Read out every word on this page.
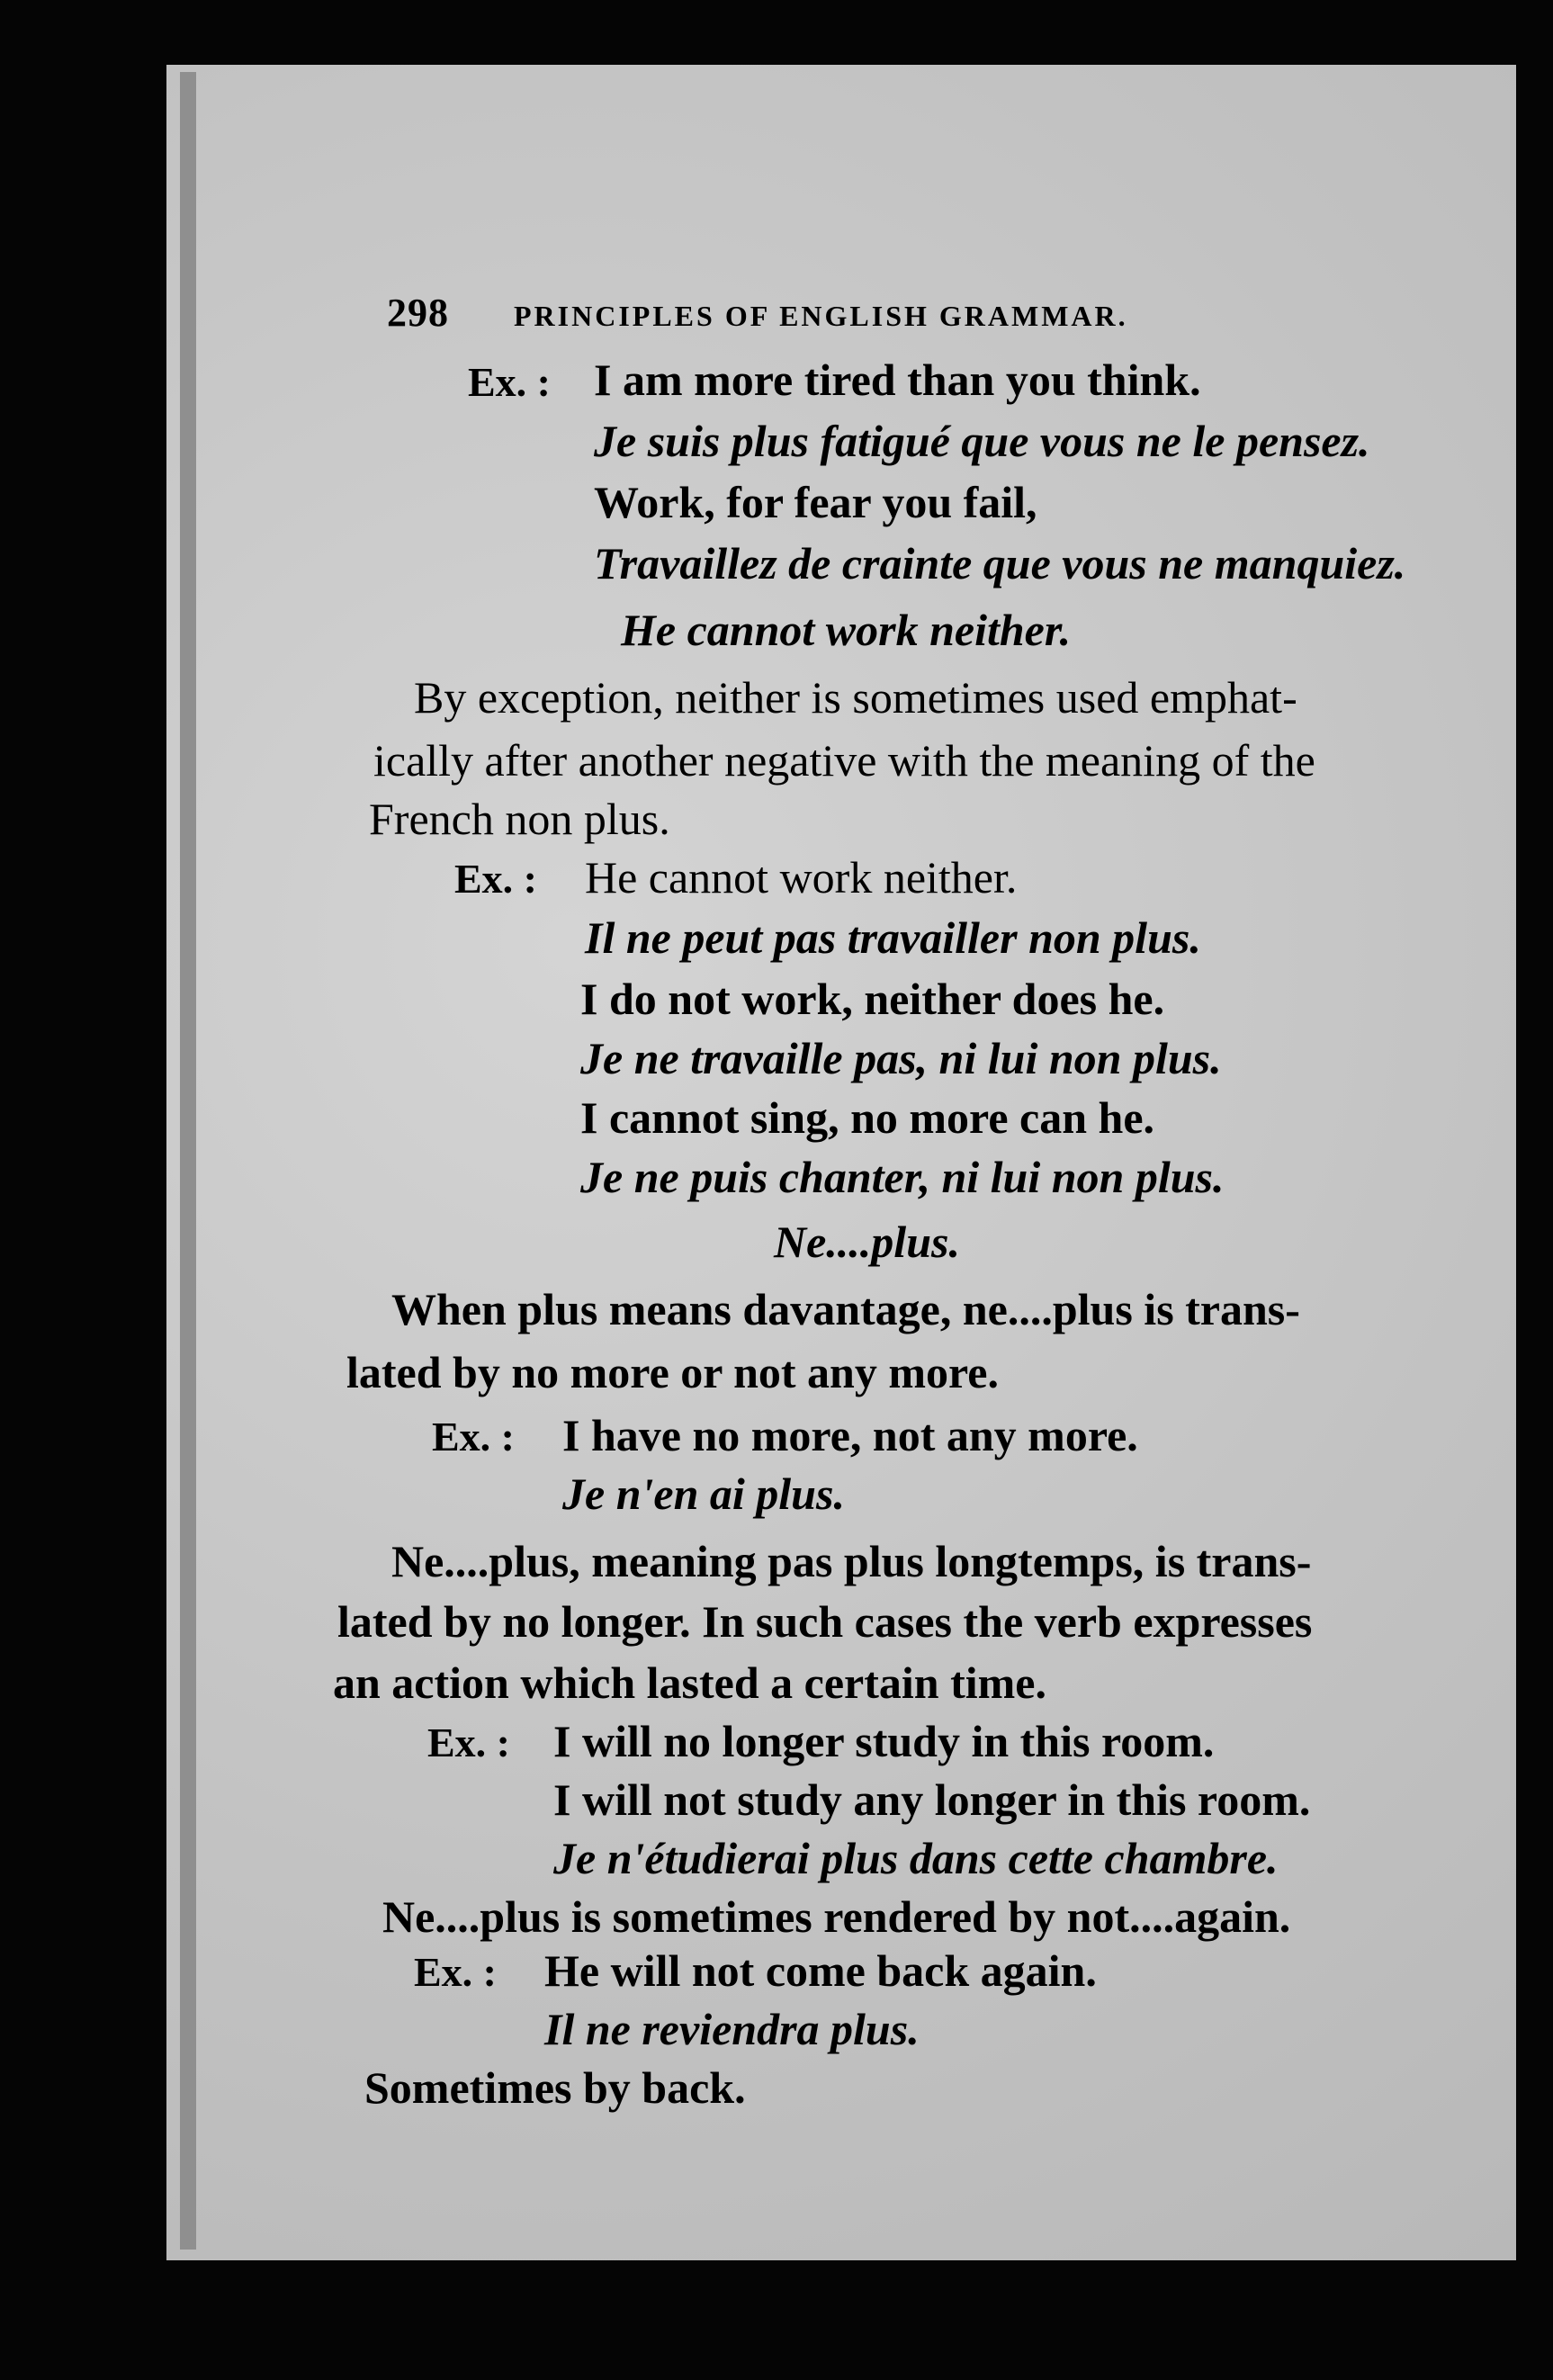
298 PRINCIPLES OF ENGLISH GRAMMAR.
Ex. : I am more tired than you think.
Je suis plus fatigué que vous ne le pensez.
Work, for fear you fail,
Travaillez de crainte que vous ne manquiez.
He cannot work neither.
By exception, neither is sometimes used emphat-
ically after another negative with the meaning of the
French non plus.
Ex. : He cannot work neither.
Il ne peut pas travailler non plus.
I do not work, neither does he.
Je ne travaille pas, ni lui non plus.
I cannot sing, no more can he.
Je ne puis chanter, ni lui non plus.
Ne....plus.
When plus means davantage, ne....plus is trans-
lated by no more or not any more.
Ex. : I have no more, not any more.
Je n'en ai plus.
Ne....plus, meaning pas plus longtemps, is trans-
lated by no longer. In such cases the verb expresses
an action which lasted a certain time.
Ex. : I will no longer study in this room.
I will not study any longer in this room.
Je n'étudierai plus dans cette chambre.
Ne....plus is sometimes rendered by not....again.
Ex. : He will not come back again.
Il ne reviendra plus.
Sometimes by back.
